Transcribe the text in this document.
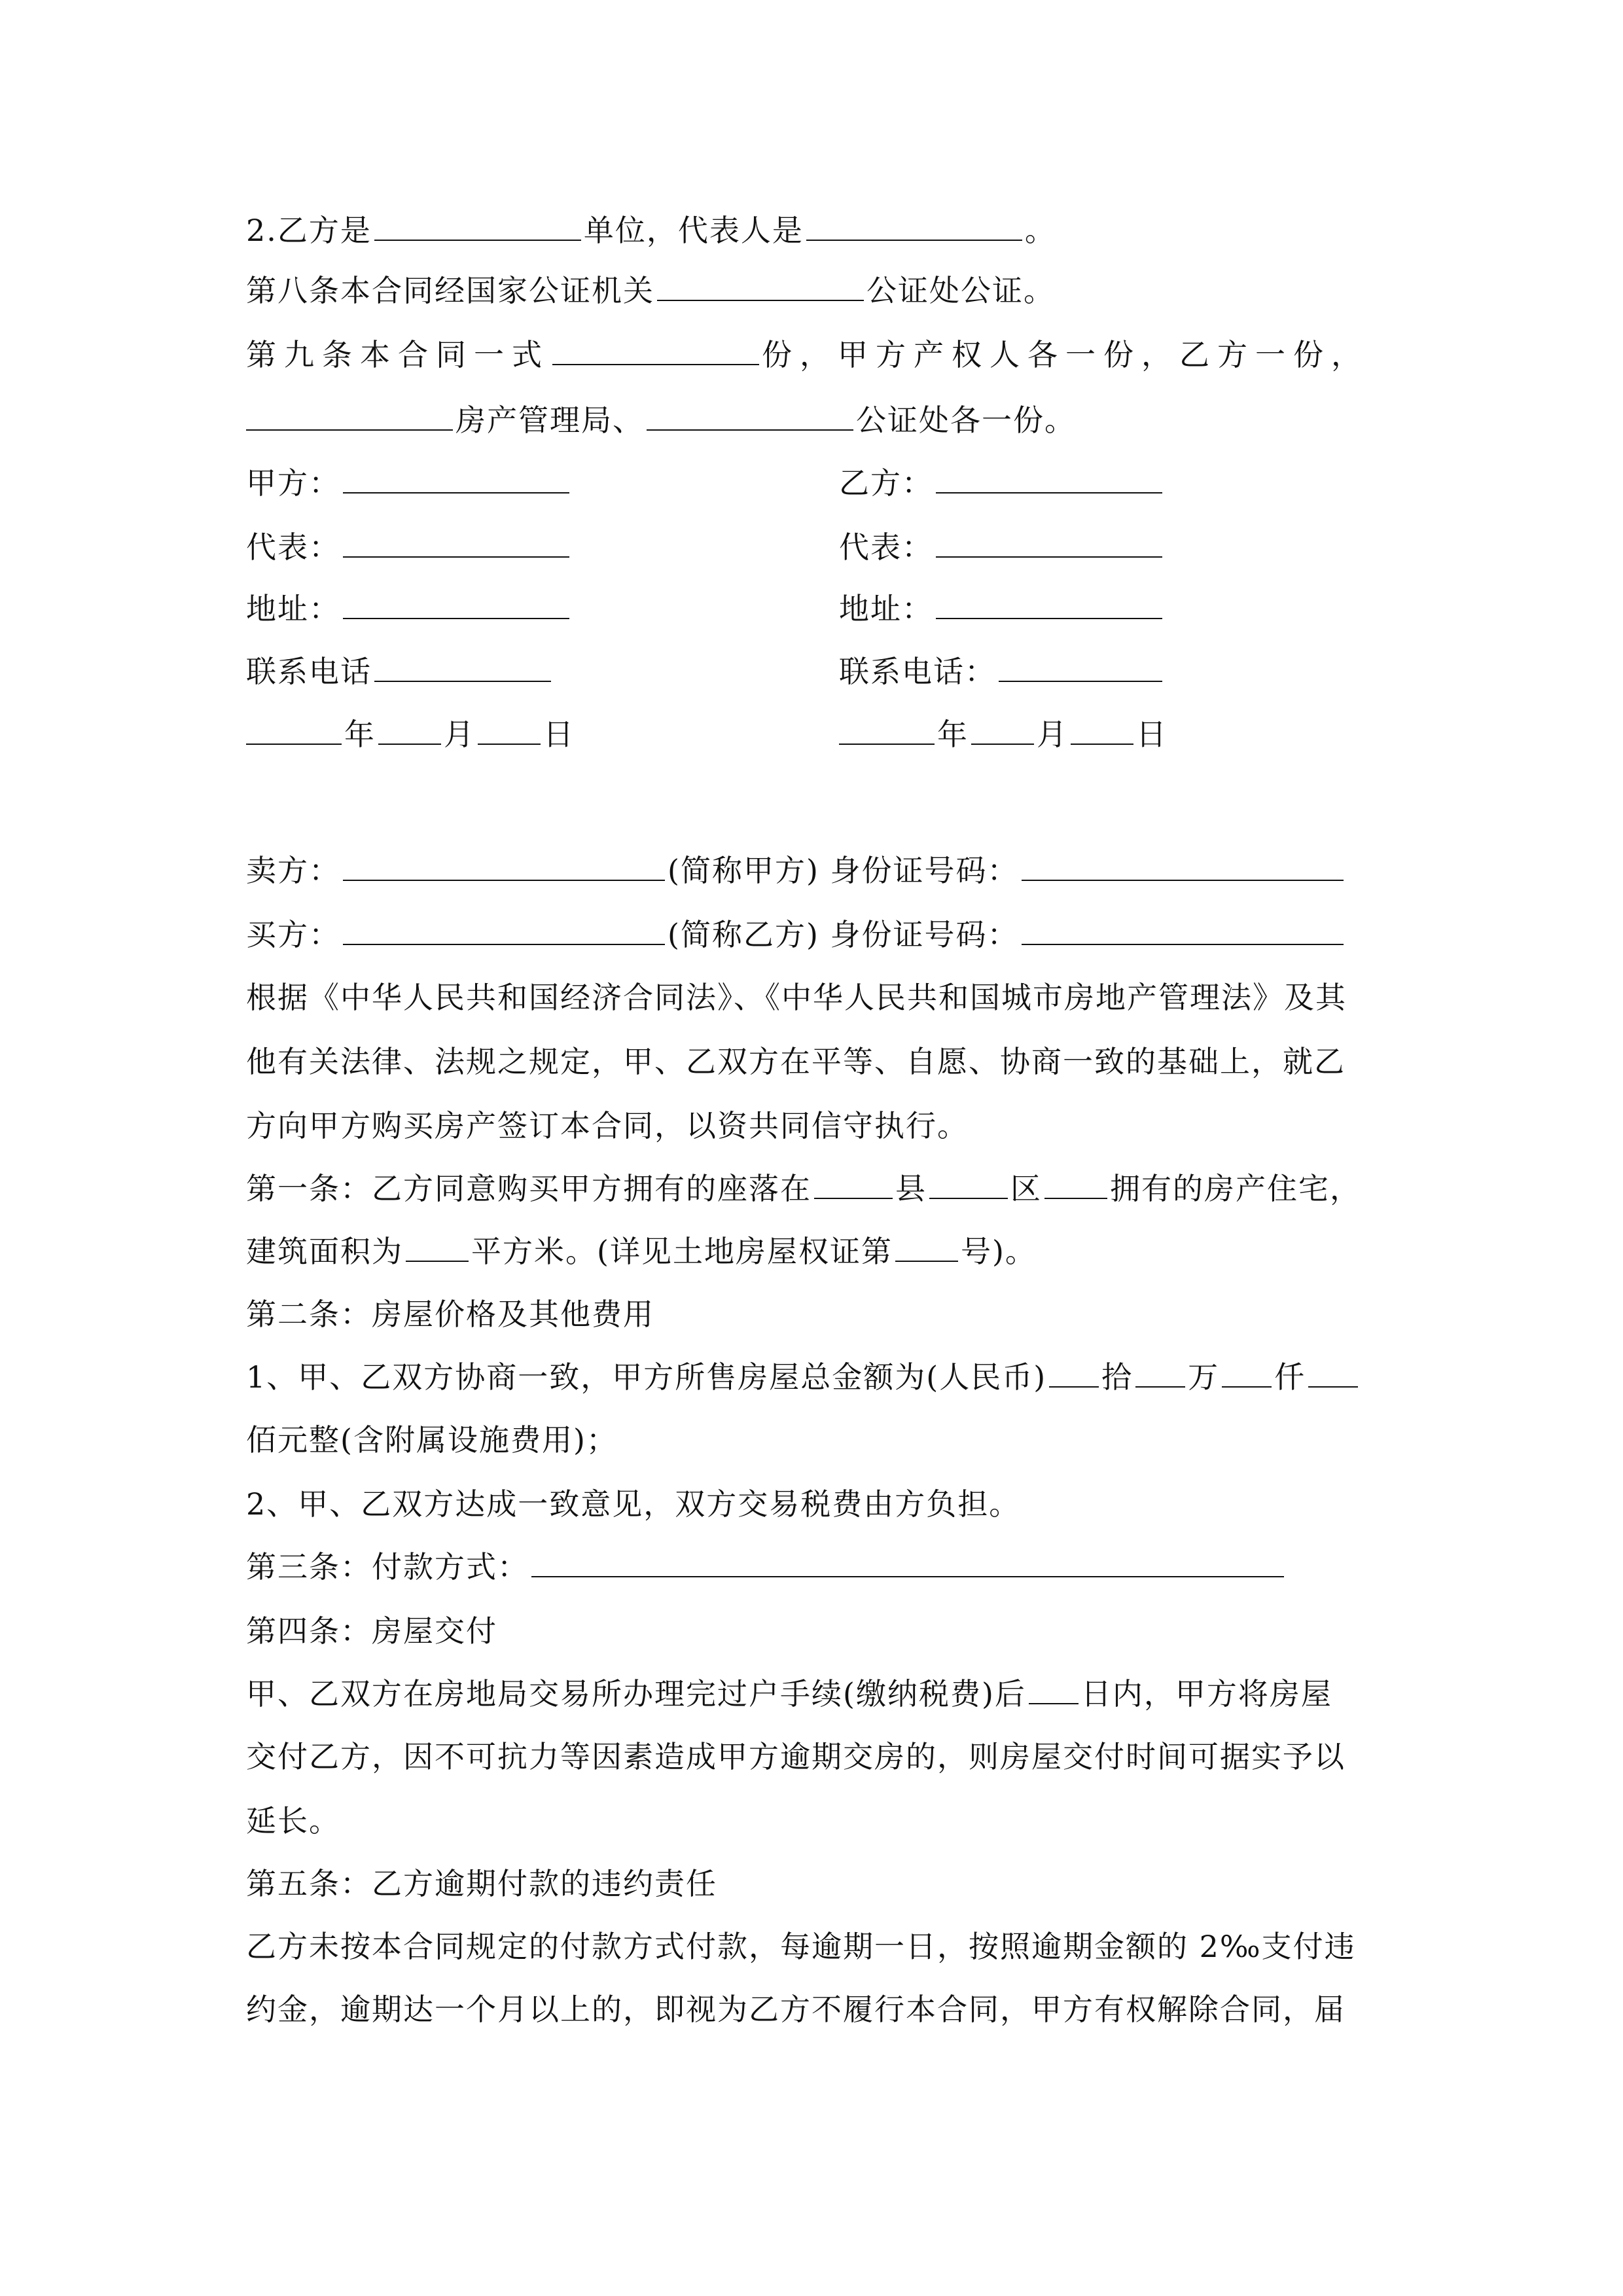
2.乙方是	单位，代表人是	。
第八条本合同经国家公证机关	公证处公证。
第九条本合同一式	份，甲方产权人各一份，乙方一份，
房产管理局、	公证处各一份。
甲方：	乙方：
代表：	代表：
地址：	地址：
联系电话	联系电话：
年 月 日	年 月 日
卖方：	(简称甲方) 身份证号码：
买方：	(简称乙方) 身份证号码：
根据《中华人民共和国经济合同法》、《中华人民共和国城市房地产管理法》及其
他有关法律、法规之规定，甲、乙双方在平等、自愿、协商一致的基础上，就乙
方向甲方购买房产签订本合同，以资共同信守执行。
第一条：乙方同意购买甲方拥有的座落在	县	区 拥有的房产住宅，
建筑面积为 平方米。(详见土地房屋权证第 号)。
第二条：房屋价格及其他费用
1、甲、乙双方协商一致，甲方所售房屋总金额为(人民币) 拾 万 仟
佰元整(含附属设施费用)；
2、甲、乙双方达成一致意见，双方交易税费由方负担。
第三条：付款方式：
第四条：房屋交付
甲、乙双方在房地局交易所办理完过户手续(缴纳税费)后 日内，甲方将房屋
交付乙方，因不可抗力等因素造成甲方逾期交房的，则房屋交付时间可据实予以
延长。
第五条：乙方逾期付款的违约责任
乙方未按本合同规定的付款方式付款，每逾期一日，按照逾期金额的 2‰支付违
约金，逾期达一个月以上的，即视为乙方不履行本合同，甲方有权解除合同，届
